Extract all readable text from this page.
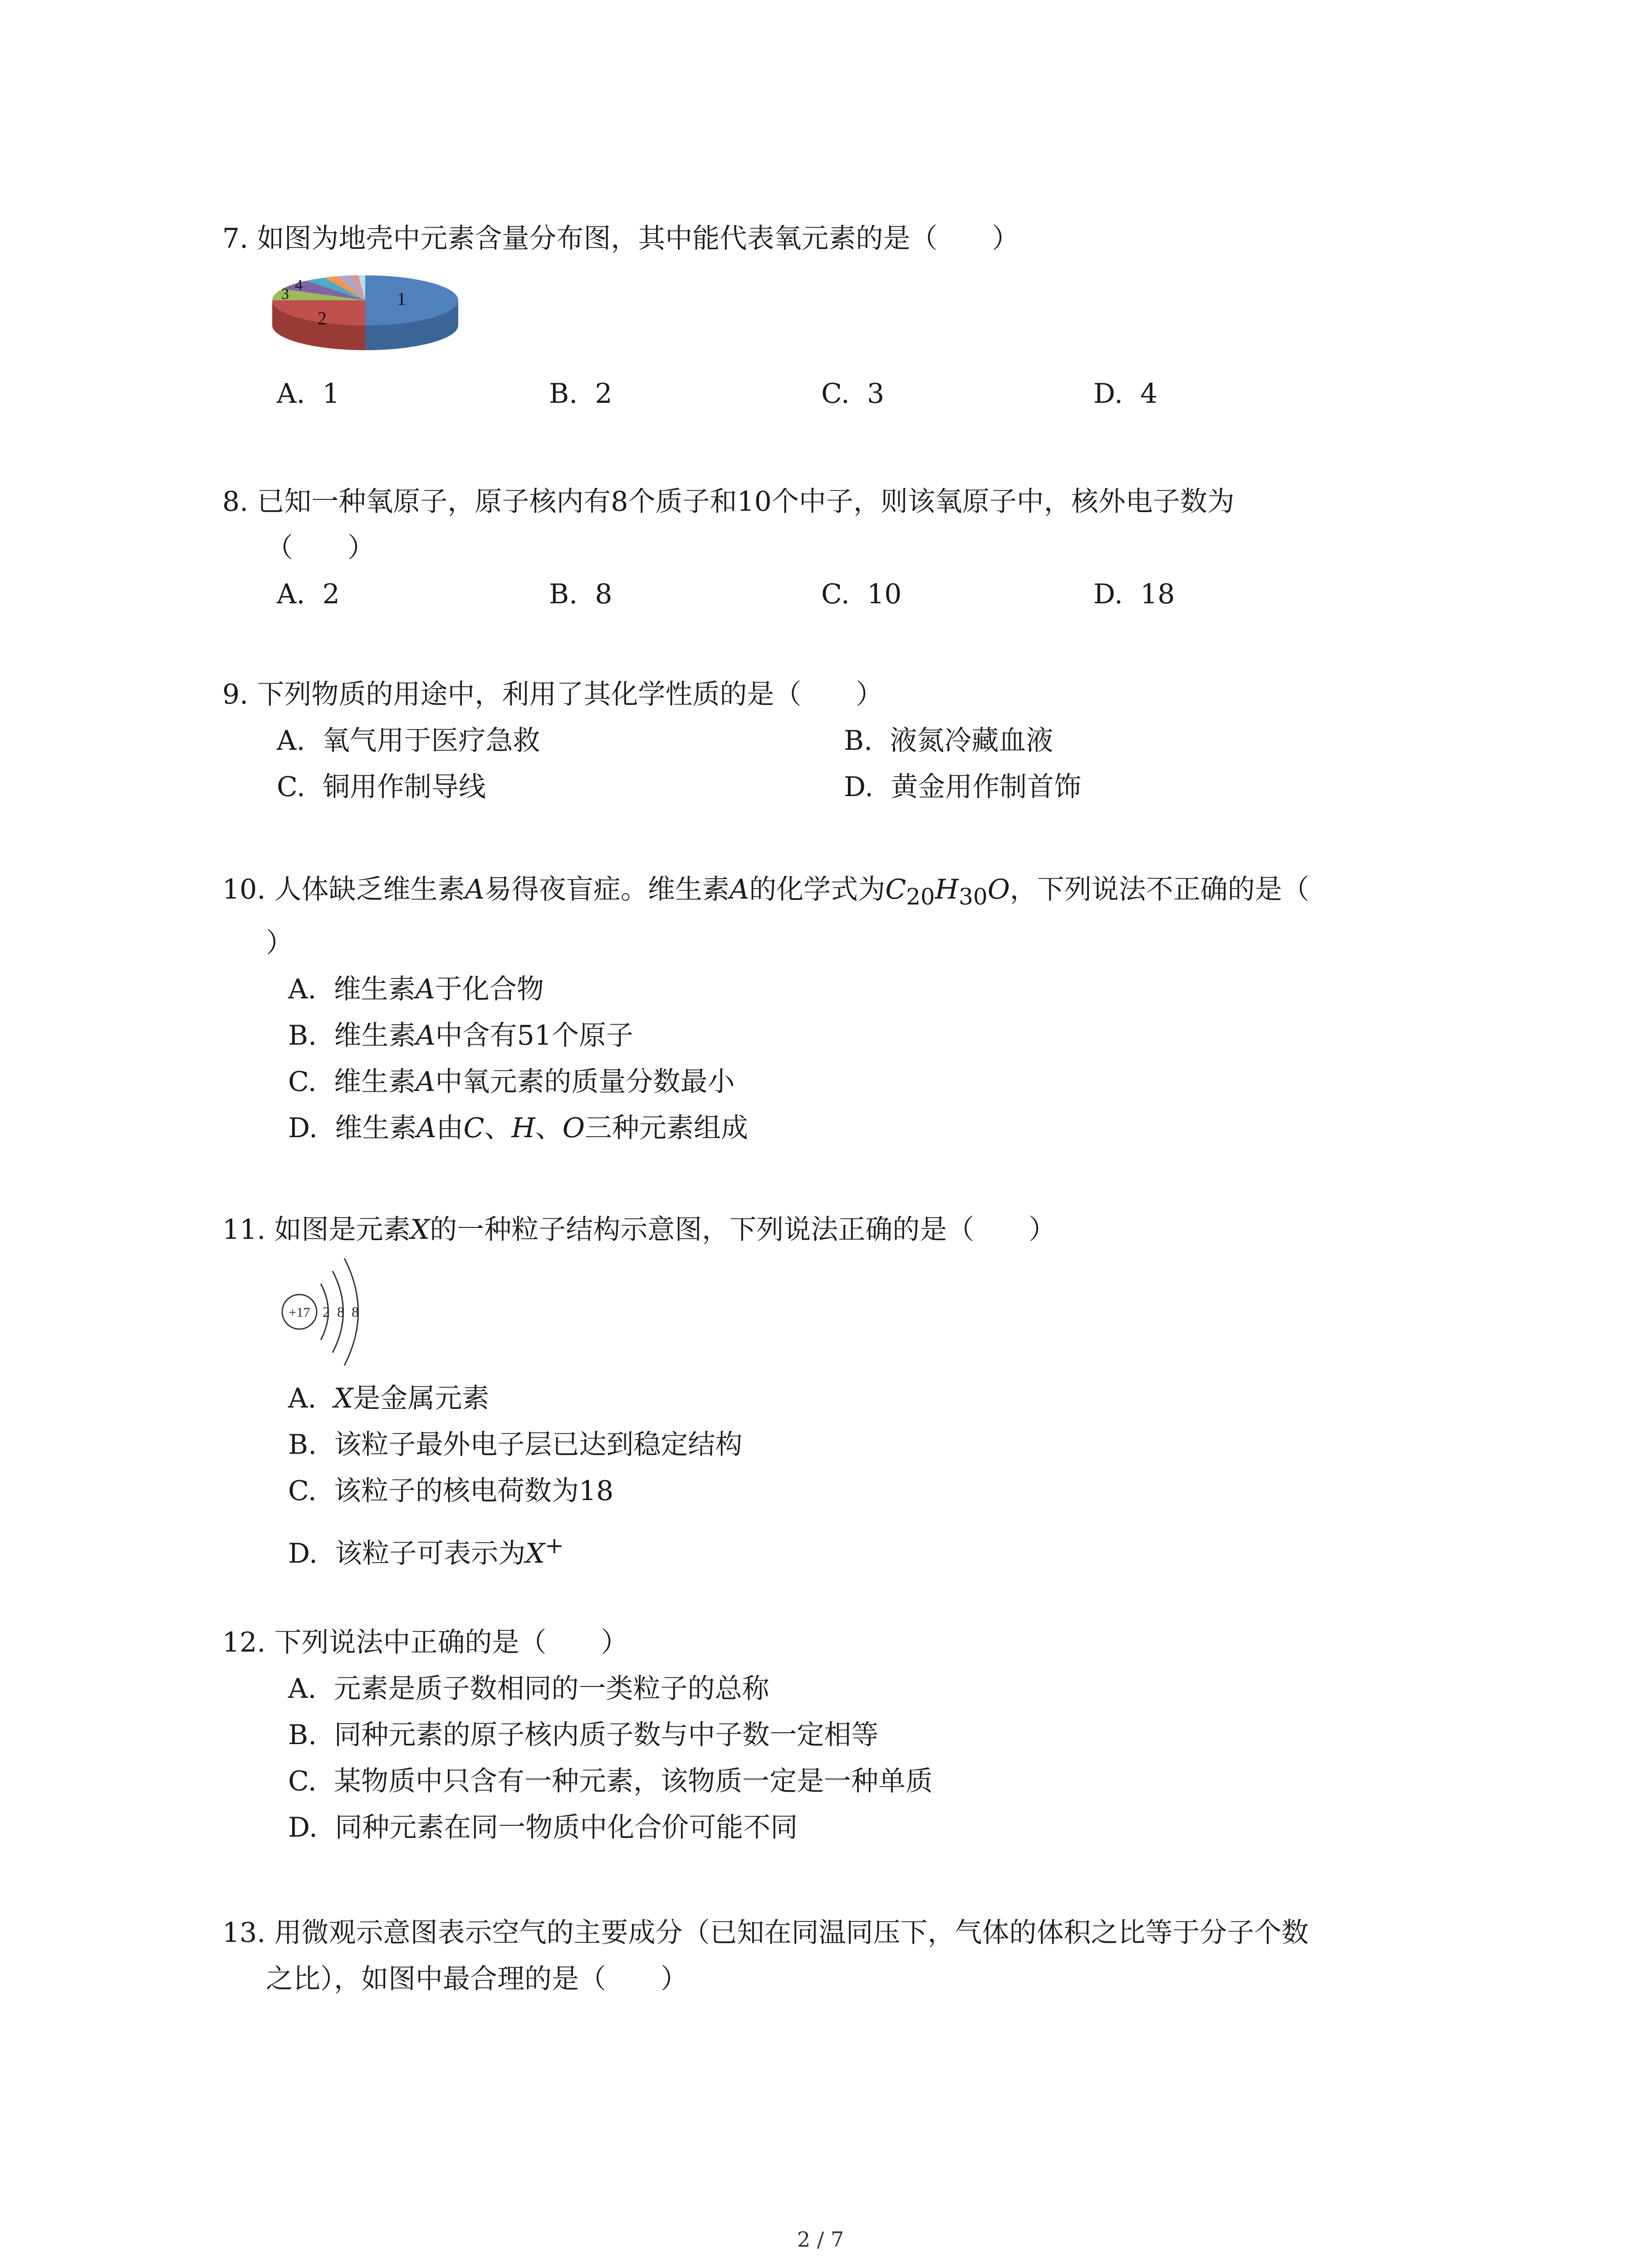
7. 如图为地壳中元素含量分布图，其中能代表氧元素的是（　　）
1
2
3
4
A. 1	B. 2	C. 3	D. 4
8. 已知一种氧原子，原子核内有8个质子和10个中子，则该氧原子中，核外电子数为
（　　）
A. 2	B. 8	C. 10	D. 18
9. 下列物质的用途中，利用了其化学性质的是（　　）
A. 氧气用于医疗急救	B. 液氮冷藏血液
C. 铜用作制导线	D. 黄金用作制首饰
10. 人体缺乏维生素A易得夜盲症。维生素A的化学式为$C_{20}H_{30}O$，下列说法不正确的是（
）
A. 维生素A于化合物
B. 维生素A中含有51个原子
C. 维生素A中氧元素的质量分数最小
D. 维生素A由C、H、O三种元素组成
11. 如图是元素X的一种粒子结构示意图，下列说法正确的是（　　）
+17 2 8 8
A. X是金属元素
B. 该粒子最外电子层已达到稳定结构
C. 该粒子的核电荷数为18
D. 该粒子可表示为X+
12. 下列说法中正确的是（　　）
A. 元素是质子数相同的一类粒子的总称
B. 同种元素的原子核内质子数与中子数一定相等
C. 某物质中只含有一种元素，该物质一定是一种单质
D. 同种元素在同一物质中化合价可能不同
13. 用微观示意图表示空气的主要成分（已知在同温同压下，气体的体积之比等于分子个数
之比），如图中最合理的是（　　）
2 / 7
